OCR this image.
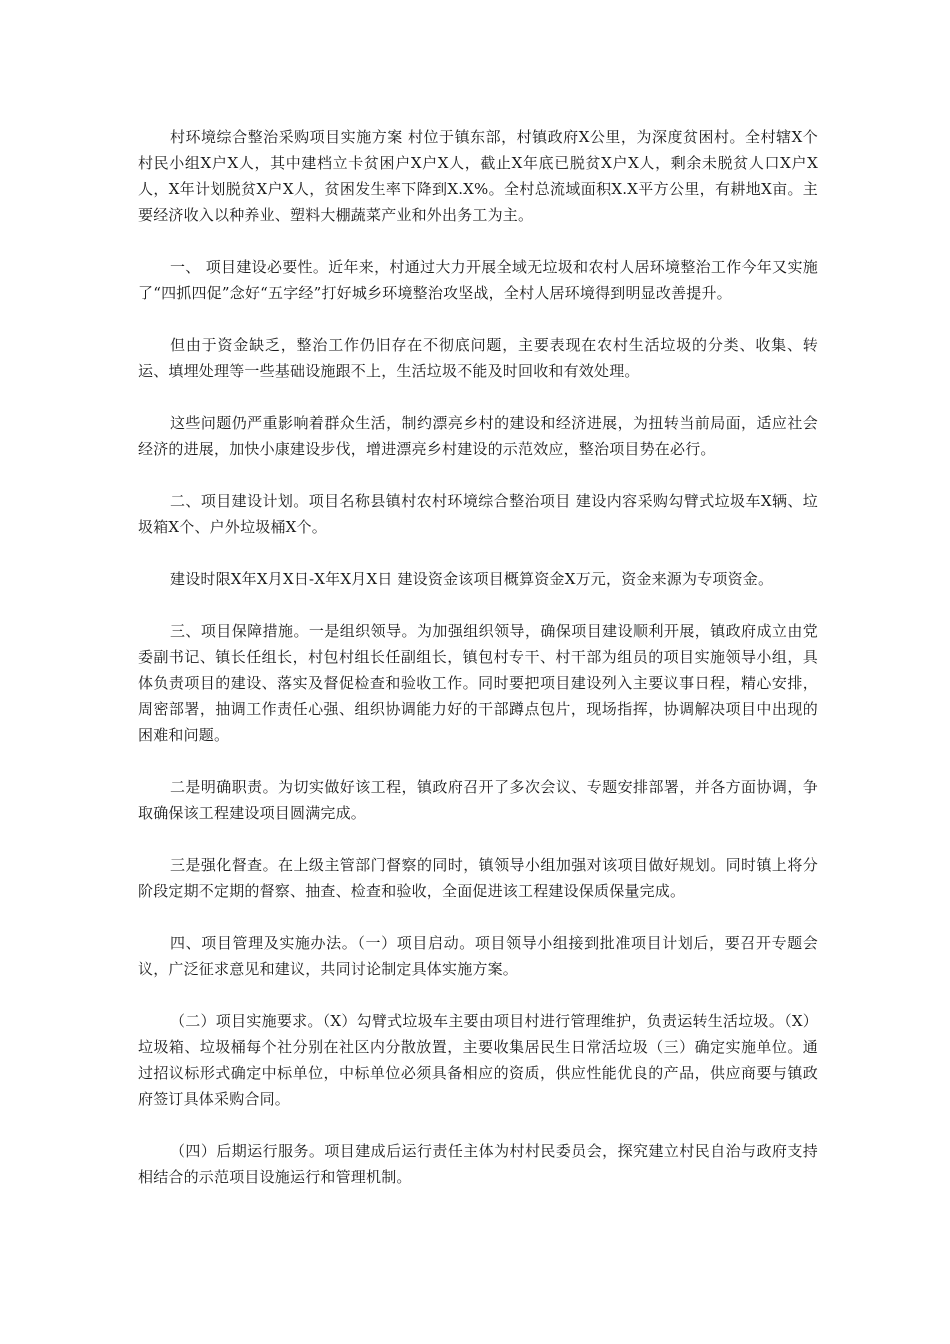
村环境综合整治采购项目实施方案 村位于镇东部，村镇政府X公里，为深度贫困村。全村辖X个村民小组X户X人，其中建档立卡贫困户X户X人，截止X年底已脱贫X户X人，剩余未脱贫人口X户X人，X年计划脱贫X户X人，贫困发生率下降到X.X%。全村总流域面积X.X平方公里，有耕地X亩。主要经济收入以种养业、塑料大棚蔬菜产业和外出务工为主。

一、 项目建设必要性。近年来，村通过大力开展全域无垃圾和农村人居环境整治工作今年又实施了“四抓四促”念好“五字经”打好城乡环境整治攻坚战，全村人居环境得到明显改善提升。

但由于资金缺乏，整治工作仍旧存在不彻底问题，主要表现在农村生活垃圾的分类、收集、转运、填埋处理等一些基础设施跟不上，生活垃圾不能及时回收和有效处理。

这些问题仍严重影响着群众生活，制约漂亮乡村的建设和经济进展，为扭转当前局面，适应社会经济的进展，加快小康建设步伐，增进漂亮乡村建设的示范效应，整治项目势在必行。

二、项目建设计划。项目名称县镇村农村环境综合整治项目 建设内容采购勾臂式垃圾车X辆、垃圾箱X个、户外垃圾桶X个。

建设时限X年X月X日-X年X月X日 建设资金该项目概算资金X万元，资金来源为专项资金。

三、项目保障措施。一是组织领导。为加强组织领导，确保项目建设顺利开展，镇政府成立由党委副书记、镇长任组长，村包村组长任副组长，镇包村专干、村干部为组员的项目实施领导小组，具体负责项目的建设、落实及督促检查和验收工作。同时要把项目建设列入主要议事日程，精心安排，周密部署，抽调工作责任心强、组织协调能力好的干部蹲点包片，现场指挥，协调解决项目中出现的困难和问题。

二是明确职责。为切实做好该工程，镇政府召开了多次会议、专题安排部署，并各方面协调，争取确保该工程建设项目圆满完成。

三是强化督查。在上级主管部门督察的同时，镇领导小组加强对该项目做好规划。同时镇上将分阶段定期不定期的督察、抽查、检查和验收，全面促进该工程建设保质保量完成。

四、项目管理及实施办法。（一）项目启动。项目领导小组接到批准项目计划后，要召开专题会议，广泛征求意见和建议，共同讨论制定具体实施方案。

（二）项目实施要求。（X）勾臂式垃圾车主要由项目村进行管理维护，负责运转生活垃圾。（X）垃圾箱、垃圾桶每个社分别在社区内分散放置，主要收集居民生日常活垃圾（三）确定实施单位。通过招议标形式确定中标单位，中标单位必须具备相应的资质，供应性能优良的产品，供应商要与镇政府签订具体采购合同。

（四）后期运行服务。项目建成后运行责任主体为村村民委员会，探究建立村民自治与政府支持相结合的示范项目设施运行和管理机制。
